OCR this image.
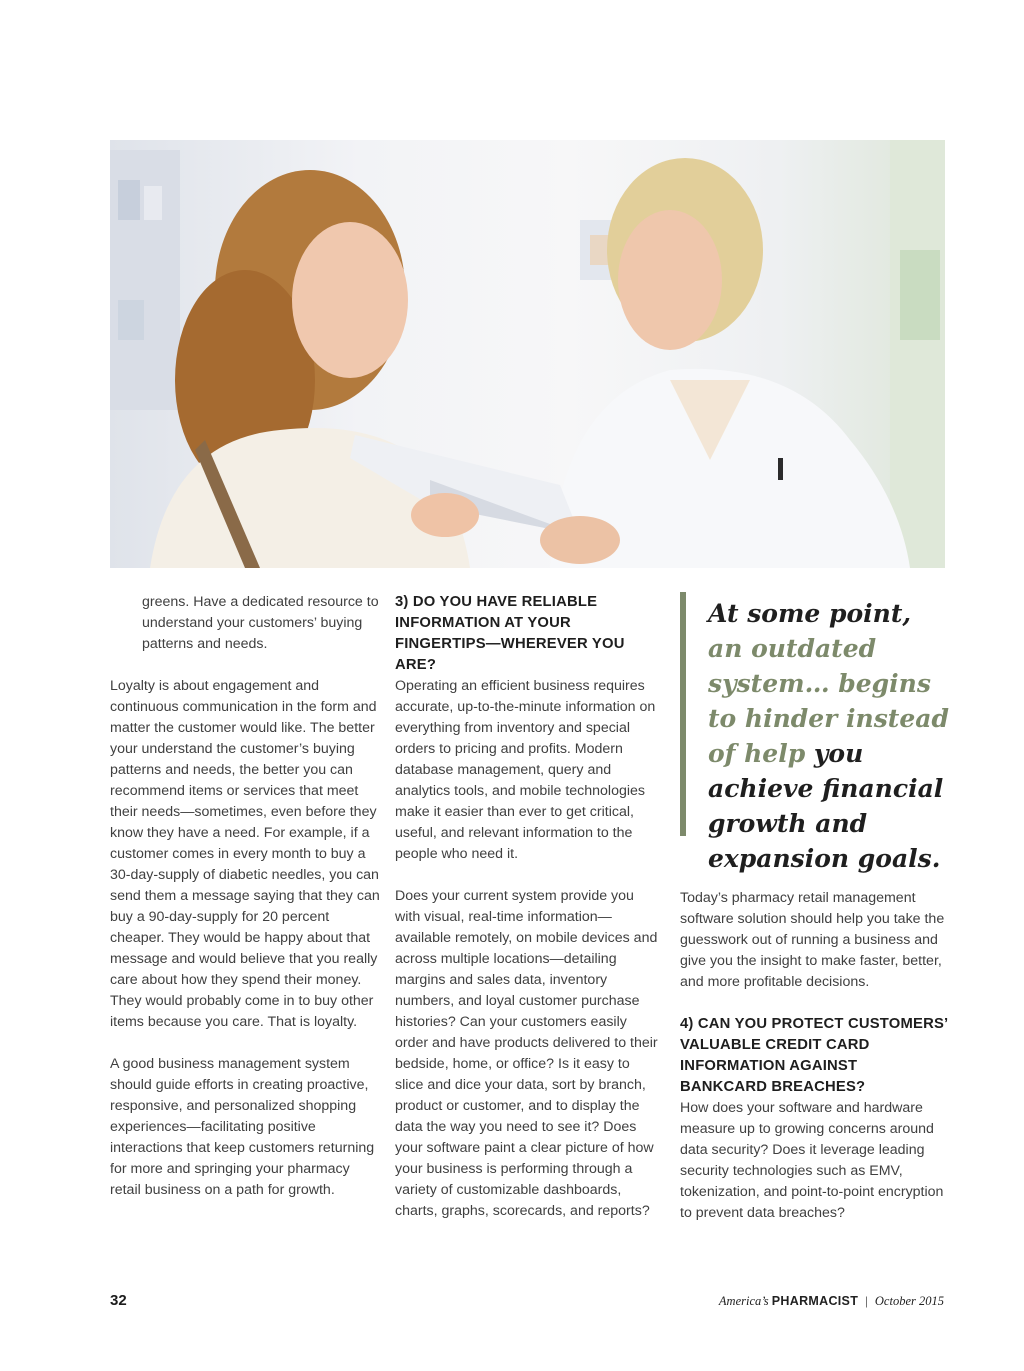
greens. Have a dedicated resource to understand your customers’ buying patterns and needs.

Loyalty is about engagement and continuous communication in the form and matter the customer would like. The better your understand the customer’s buying patterns and needs, the better you can recommend items or services that meet their needs—sometimes, even before they know they have a need. For example, if a customer comes in every month to buy a 30-day-supply of diabetic needles, you can send them a message saying that they can buy a 90-day-supply for 20 percent cheaper. They would be happy about that message and would believe that you really care about how they spend their money. They would probably come in to buy other items because you care. That is loyalty.

A good business management system should guide efforts in creating proactive, responsive, and personalized shopping experiences—facilitating positive interactions that keep customers returning for more and springing your pharmacy retail business on a path for growth.

3) DO YOU HAVE RELIABLE INFORMATION AT YOUR FINGERTIPS—WHEREVER YOU ARE?

Operating an efficient business requires accurate, up-to-the-minute information on everything from inventory and special orders to pricing and profits. Modern database management, query and analytics tools, and mobile technologies make it easier than ever to get critical, useful, and relevant information to the people who need it.

Does your current system provide you with visual, real-time information—available remotely, on mobile devices and across multiple locations—detailing margins and sales data, inventory numbers, and loyal customer purchase histories? Can your customers easily order and have products delivered to their bedside, home, or office? Is it easy to slice and dice your data, sort by branch, product or customer, and to display the data the way you need to see it? Does your software paint a clear picture of how your business is performing through a variety of customizable dashboards, charts, graphs, scorecards, and reports?

At some point, an outdated system… begins to hinder instead of help you achieve financial growth and expansion goals.

Today’s pharmacy retail management software solution should help you take the guesswork out of running a business and give you the insight to make faster, better, and more profitable decisions.

4) CAN YOU PROTECT CUSTOMERS’ VALUABLE CREDIT CARD INFORMATION AGAINST BANKCARD BREACHES?

How does your software and hardware measure up to growing concerns around data security? Does it leverage leading security technologies such as EMV, tokenization, and point-to-point encryption to prevent data breaches?

32	America’s PHARMACIST | October 2015
